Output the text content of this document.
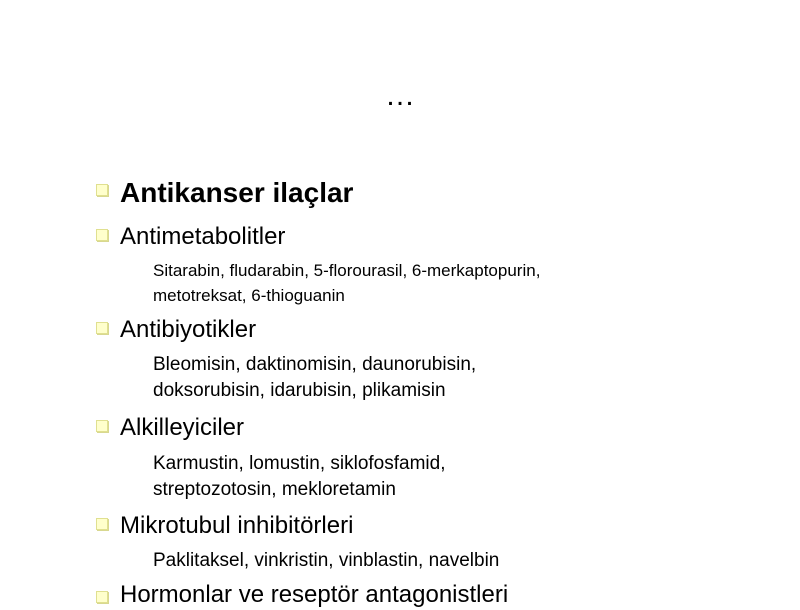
…
Antikanser ilaçlar
Antimetabolitler
Sitarabin, fludarabin, 5-florourasil, 6-merkaptopurin,
metotreksat, 6-thioguanin
Antibiyotikler
Bleomisin, daktinomisin, daunorubisin,
doksorubisin, idarubisin, plikamisin
Alkilleyiciler
Karmustin, lomustin, siklofosfamid,
streptozotosin, mekloretamin
Mikrotubul inhibitörleri
Paklitaksel, vinkristin, vinblastin, navelbin
Hormonlar ve reseptör antagonistleri
